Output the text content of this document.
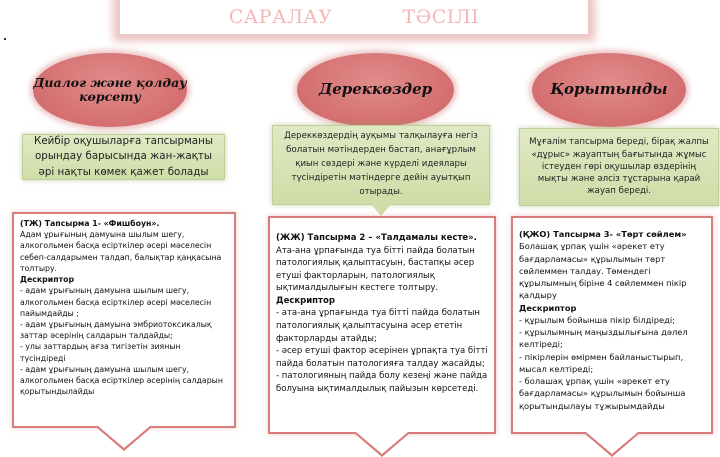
САРАЛАУ	ТӘСІЛІ
Диалог және қолдау көрсету	Дереккөздер	Қорытынды
Кейбір оқушыларға тапсырманы орындау барысында жан-жақты әрі нақты көмек қажет болады
Дереккөздердің ауқымы талқылауға негіз болатын мәтіндерден бастап, анағұрлым қиын сөздері және күрделі идеялары түсіндіретін мәтіндерге дейін ауытқып отырады.
Мұғалім тапсырма береді, бірақ жалпы «дұрыс» жауаптың бағытында жұмыс істеуден гөрі оқушылар өздерінің мықты және әлсіз тұстарына қарай жауап береді.
(ТЖ) Тапсырма 1- «Фишбоун».
Адам ұрығының дамуына шылым шегу, алкогольмен басқа есірткілер әсері мәселесін себеп-салдарымен талдап, балықтар қаңқасына толтыру.
Дескриптор
- адам ұрығының дамуына шылым шегу, алкогольмен басқа есірткілер әсері мәселесін пайымдайды ;
- адам ұрығының дамуына эмбриотоксикалық заттар әсерінің салдарын талдайды;
- улы заттардың ағза тигізетін зиянын түсіндіреді
- адам ұрығының дамуына шылым шегу, алкогольмен басқа есірткілер әсерінің салдарын қорытындылайды
(ЖЖ) Тапсырма 2 – «Талдамалы кесте».
Ата-ана ұрпағында туа бітті пайда болатын патологиялық қалыптасуын, бастапқы әсер етуші факторларын, патологиялық ықтималдылығын кестеге толтыру.
Дескриптор
- ата-ана ұрпағында туа бітті пайда болатын патологиялық қалыптасуына әсер ететін факторларды атайды;
- әсер етуші фактор әсерінен ұрпақта туа бітті пайда болатын патологияға талдау жасайды;
- патологияның пайда болу кезеңі және пайда болуына ықтималдылық пайызын көрсетеді.
(ҚЖО) Тапсырма 3- «Төрт сөйлем»
Болашақ ұрпақ үшін «әрекет ету бағдарламасы» құрылымын төрт сөйлеммен талдау. Төмендегі құрылымның біріне 4 сөйлеммен пікір қалдыру
Дескриптор
- құрылым бойынша пікір білдіреді;
- құрылымның маңыздылығына дәлел келтіреді;
- пікірлерін өмірмен байланыстырып, мысал келтіреді;
- болашақ ұрпақ үшін «әрекет ету бағдарламасы» құрылымын бойынша қорытындылауы тұжырымдайды
